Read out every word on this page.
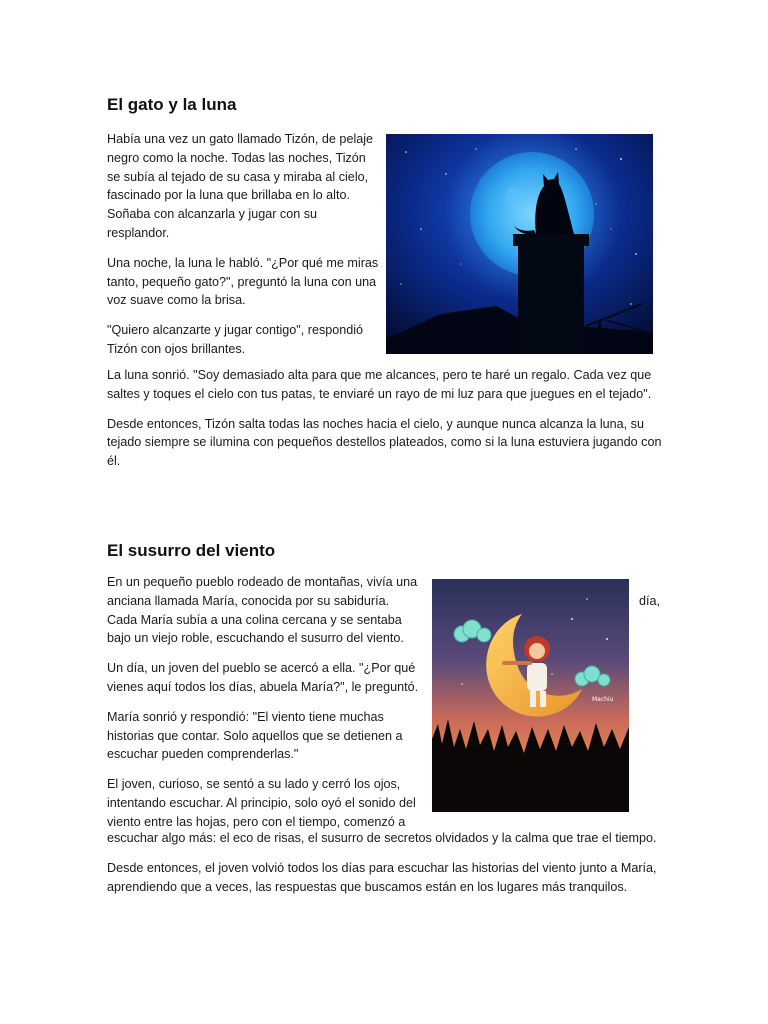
El gato y la luna

Había una vez un gato llamado Tizón, de pelaje negro como la noche. Todas las noches, Tizón se subía al tejado de su casa y miraba al cielo, fascinado por la luna que brillaba en lo alto. Soñaba con alcanzarla y jugar con su resplandor.

Una noche, la luna le habló. "¿Por qué me miras tanto, pequeño gato?", preguntó la luna con una voz suave como la brisa.

"Quiero alcanzarte y jugar contigo", respondió Tizón con ojos brillantes.

La luna sonrió. "Soy demasiado alta para que me alcances, pero te haré un regalo. Cada vez que saltes y toques el cielo con tus patas, te enviaré un rayo de mi luz para que juegues en el tejado".

Desde entonces, Tizón salta todas las noches hacia el cielo, y aunque nunca alcanza la luna, su tejado siempre se ilumina con pequeños destellos plateados, como si la luna estuviera jugando con él.

El susurro del viento

En un pequeño pueblo rodeado de montañas, vivía una anciana llamada María, conocida por su sabiduría. Cada María subía a una colina cercana y se sentaba bajo un viejo roble, escuchando el susurro del viento.

Un día, un joven del pueblo se acercó a ella. "¿Por qué vienes aquí todos los días, abuela María?", le preguntó.

María sonrió y respondió: "El viento tiene muchas historias que contar. Solo aquellos que se detienen a escuchar pueden comprenderlas."

El joven, curioso, se sentó a su lado y cerró los ojos, intentando escuchar. Al principio, solo oyó el sonido del viento entre las hojas, pero con el tiempo, comenzó a

día,
Machiu

escuchar algo más: el eco de risas, el susurro de secretos olvidados y la calma que trae el tiempo.

Desde entonces, el joven volvió todos los días para escuchar las historias del viento junto a María, aprendiendo que a veces, las respuestas que buscamos están en los lugares más tranquilos.
